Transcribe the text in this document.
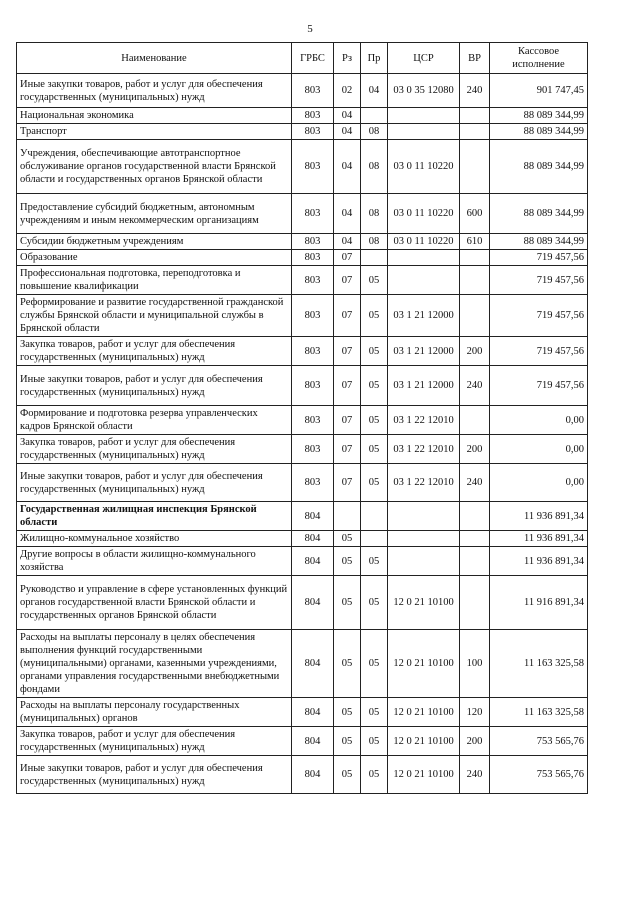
5
Наименование	ГРБС	Рз	Пр	ЦСР	ВР	Кассовое исполнение
Иные закупки товаров, работ и услуг для обеспечения государственных (муниципальных) нужд	803	02	04	03 0 35 12080	240	901 747,45
Национальная экономика	803	04				88 089 344,99
Транспорт	803	04	08			88 089 344,99
Учреждения, обеспечивающие автотранспортное обслуживание органов государственной власти Брянской области и государственных органов Брянской области	803	04	08	03 0 11 10220		88 089 344,99
Предоставление субсидий бюджетным, автономным учреждениям и иным некоммерческим организациям	803	04	08	03 0 11 10220	600	88 089 344,99
Субсидии бюджетным учреждениям	803	04	08	03 0 11 10220	610	88 089 344,99
Образование	803	07				719 457,56
Профессиональная подготовка, переподготовка и повышение квалификации	803	07	05			719 457,56
Реформирование и развитие государственной гражданской службы Брянской области и муниципальной службы в Брянской области	803	07	05	03 1 21 12000		719 457,56
Закупка товаров, работ и услуг для обеспечения государственных (муниципальных) нужд	803	07	05	03 1 21 12000	200	719 457,56
Иные закупки товаров, работ и услуг для обеспечения государственных (муниципальных) нужд	803	07	05	03 1 21 12000	240	719 457,56
Формирование и подготовка резерва управленческих кадров Брянской области	803	07	05	03 1 22 12010		0,00
Закупка товаров, работ и услуг для обеспечения государственных (муниципальных) нужд	803	07	05	03 1 22 12010	200	0,00
Иные закупки товаров, работ и услуг для обеспечения государственных (муниципальных) нужд	803	07	05	03 1 22 12010	240	0,00
Государственная жилищная инспекция Брянской области	804					11 936 891,34
Жилищно-коммунальное хозяйство	804	05				11 936 891,34
Другие вопросы в области жилищно-коммунального хозяйства	804	05	05			11 936 891,34
Руководство и управление в сфере установленных функций органов государственной власти Брянской области и государственных органов Брянской области	804	05	05	12 0 21 10100		11 916 891,34
Расходы на выплаты персоналу в целях обеспечения выполнения функций государственными (муниципальными) органами, казенными учреждениями, органами управления государственными внебюджетными фондами	804	05	05	12 0 21 10100	100	11 163 325,58
Расходы на выплаты персоналу государственных (муниципальных) органов	804	05	05	12 0 21 10100	120	11 163 325,58
Закупка товаров, работ и услуг для обеспечения государственных (муниципальных) нужд	804	05	05	12 0 21 10100	200	753 565,76
Иные закупки товаров, работ и услуг для обеспечения государственных (муниципальных) нужд	804	05	05	12 0 21 10100	240	753 565,76
